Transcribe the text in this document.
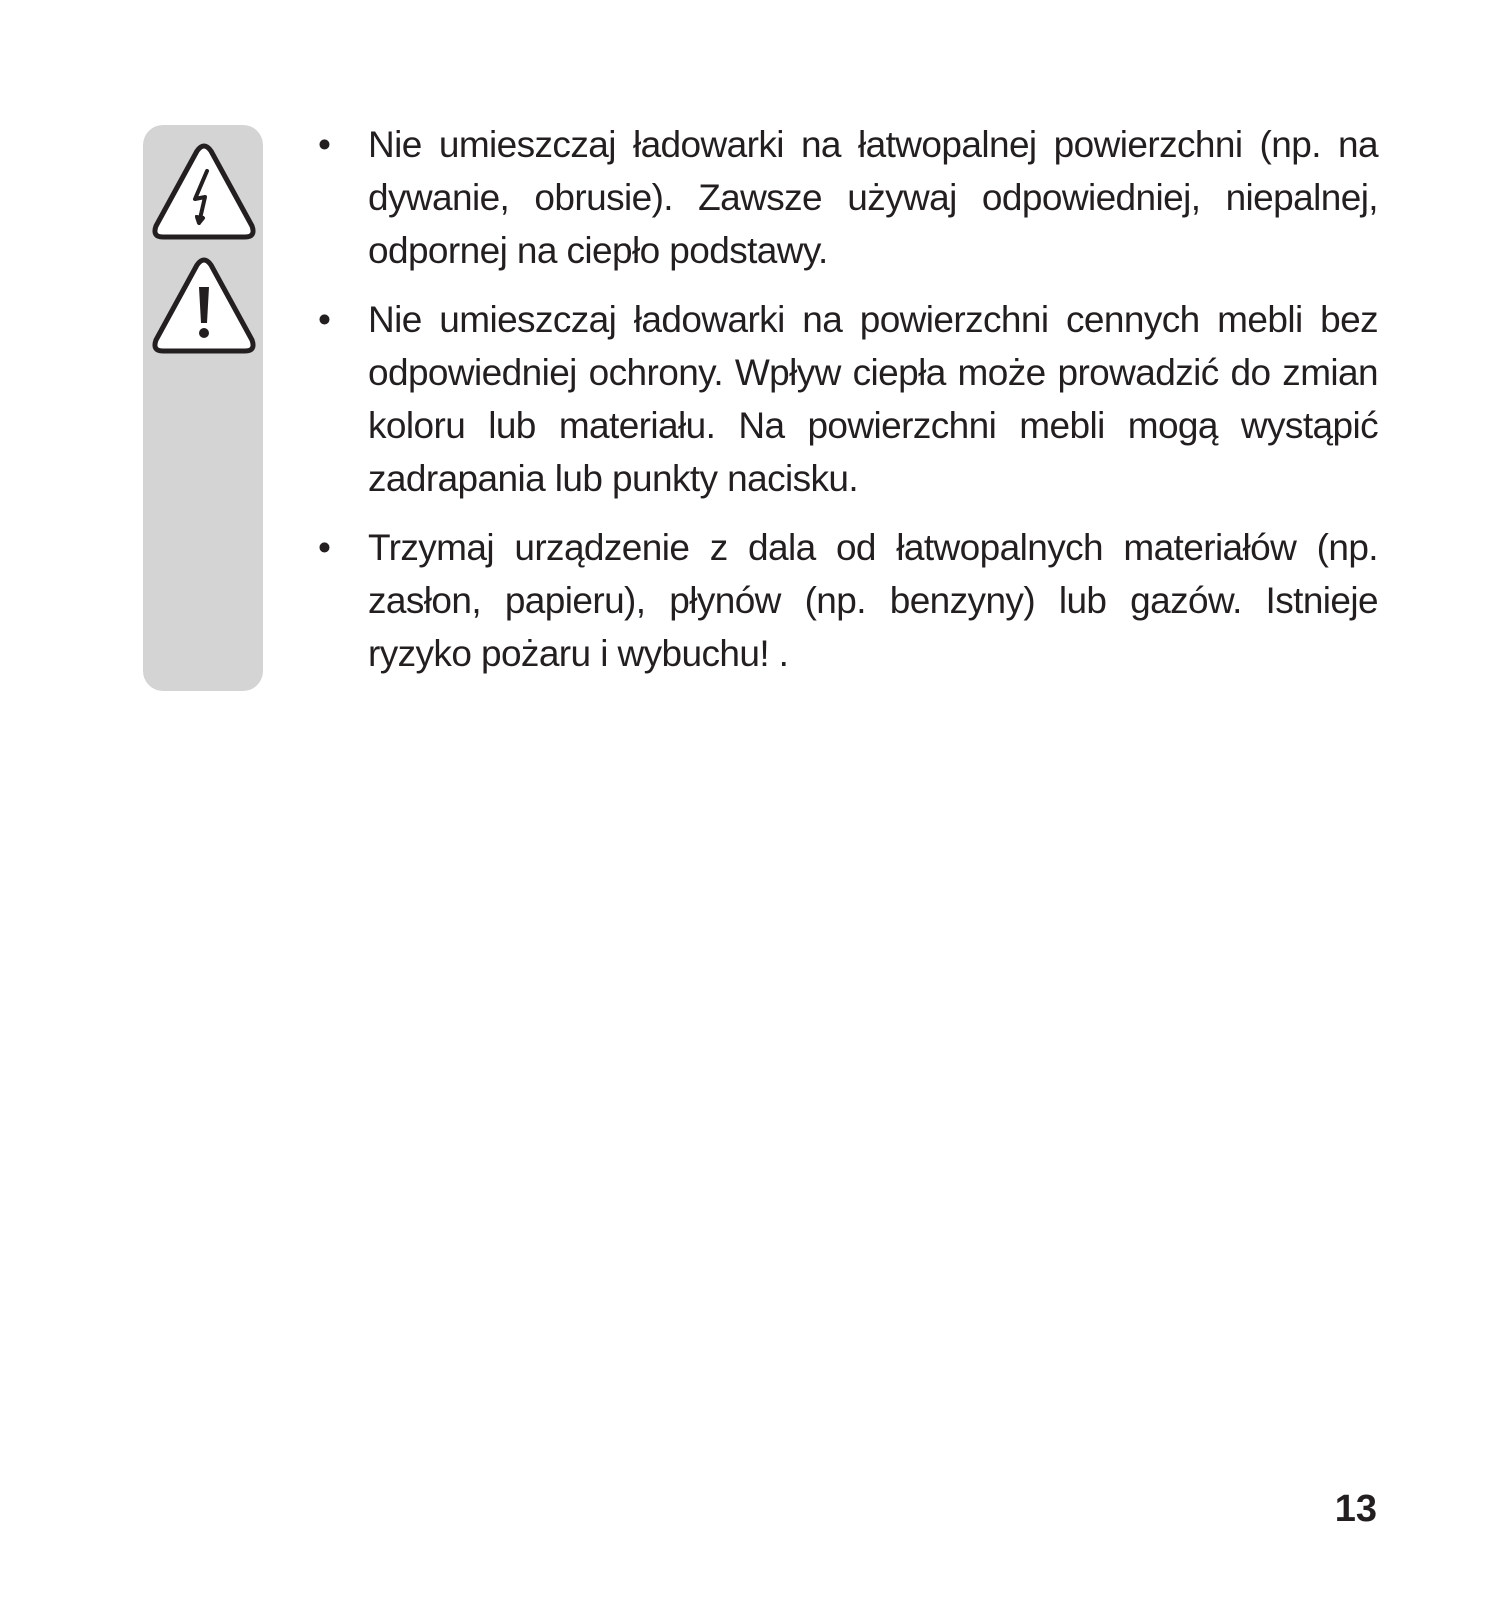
• Nie umieszczaj ładowarki na łatwopalnej powierzchni (np. na dywanie, obrusie). Zawsze używaj odpowiedniej, niepalnej, odpornej na ciepło podstawy.
• Nie umieszczaj ładowarki na powierzchni cennych mebli bez odpowiedniej ochrony. Wpływ ciepła może prowadzić do zmian koloru lub materiału. Na powierzchni mebli mogą wystąpić zadrapania lub punkty nacisku.
• Trzymaj urządzenie z dala od łatwopalnych materiałów (np. zasłon, papieru), płynów (np. benzyny) lub gazów. Istnieje ryzyko pożaru i wybuchu! .
13
